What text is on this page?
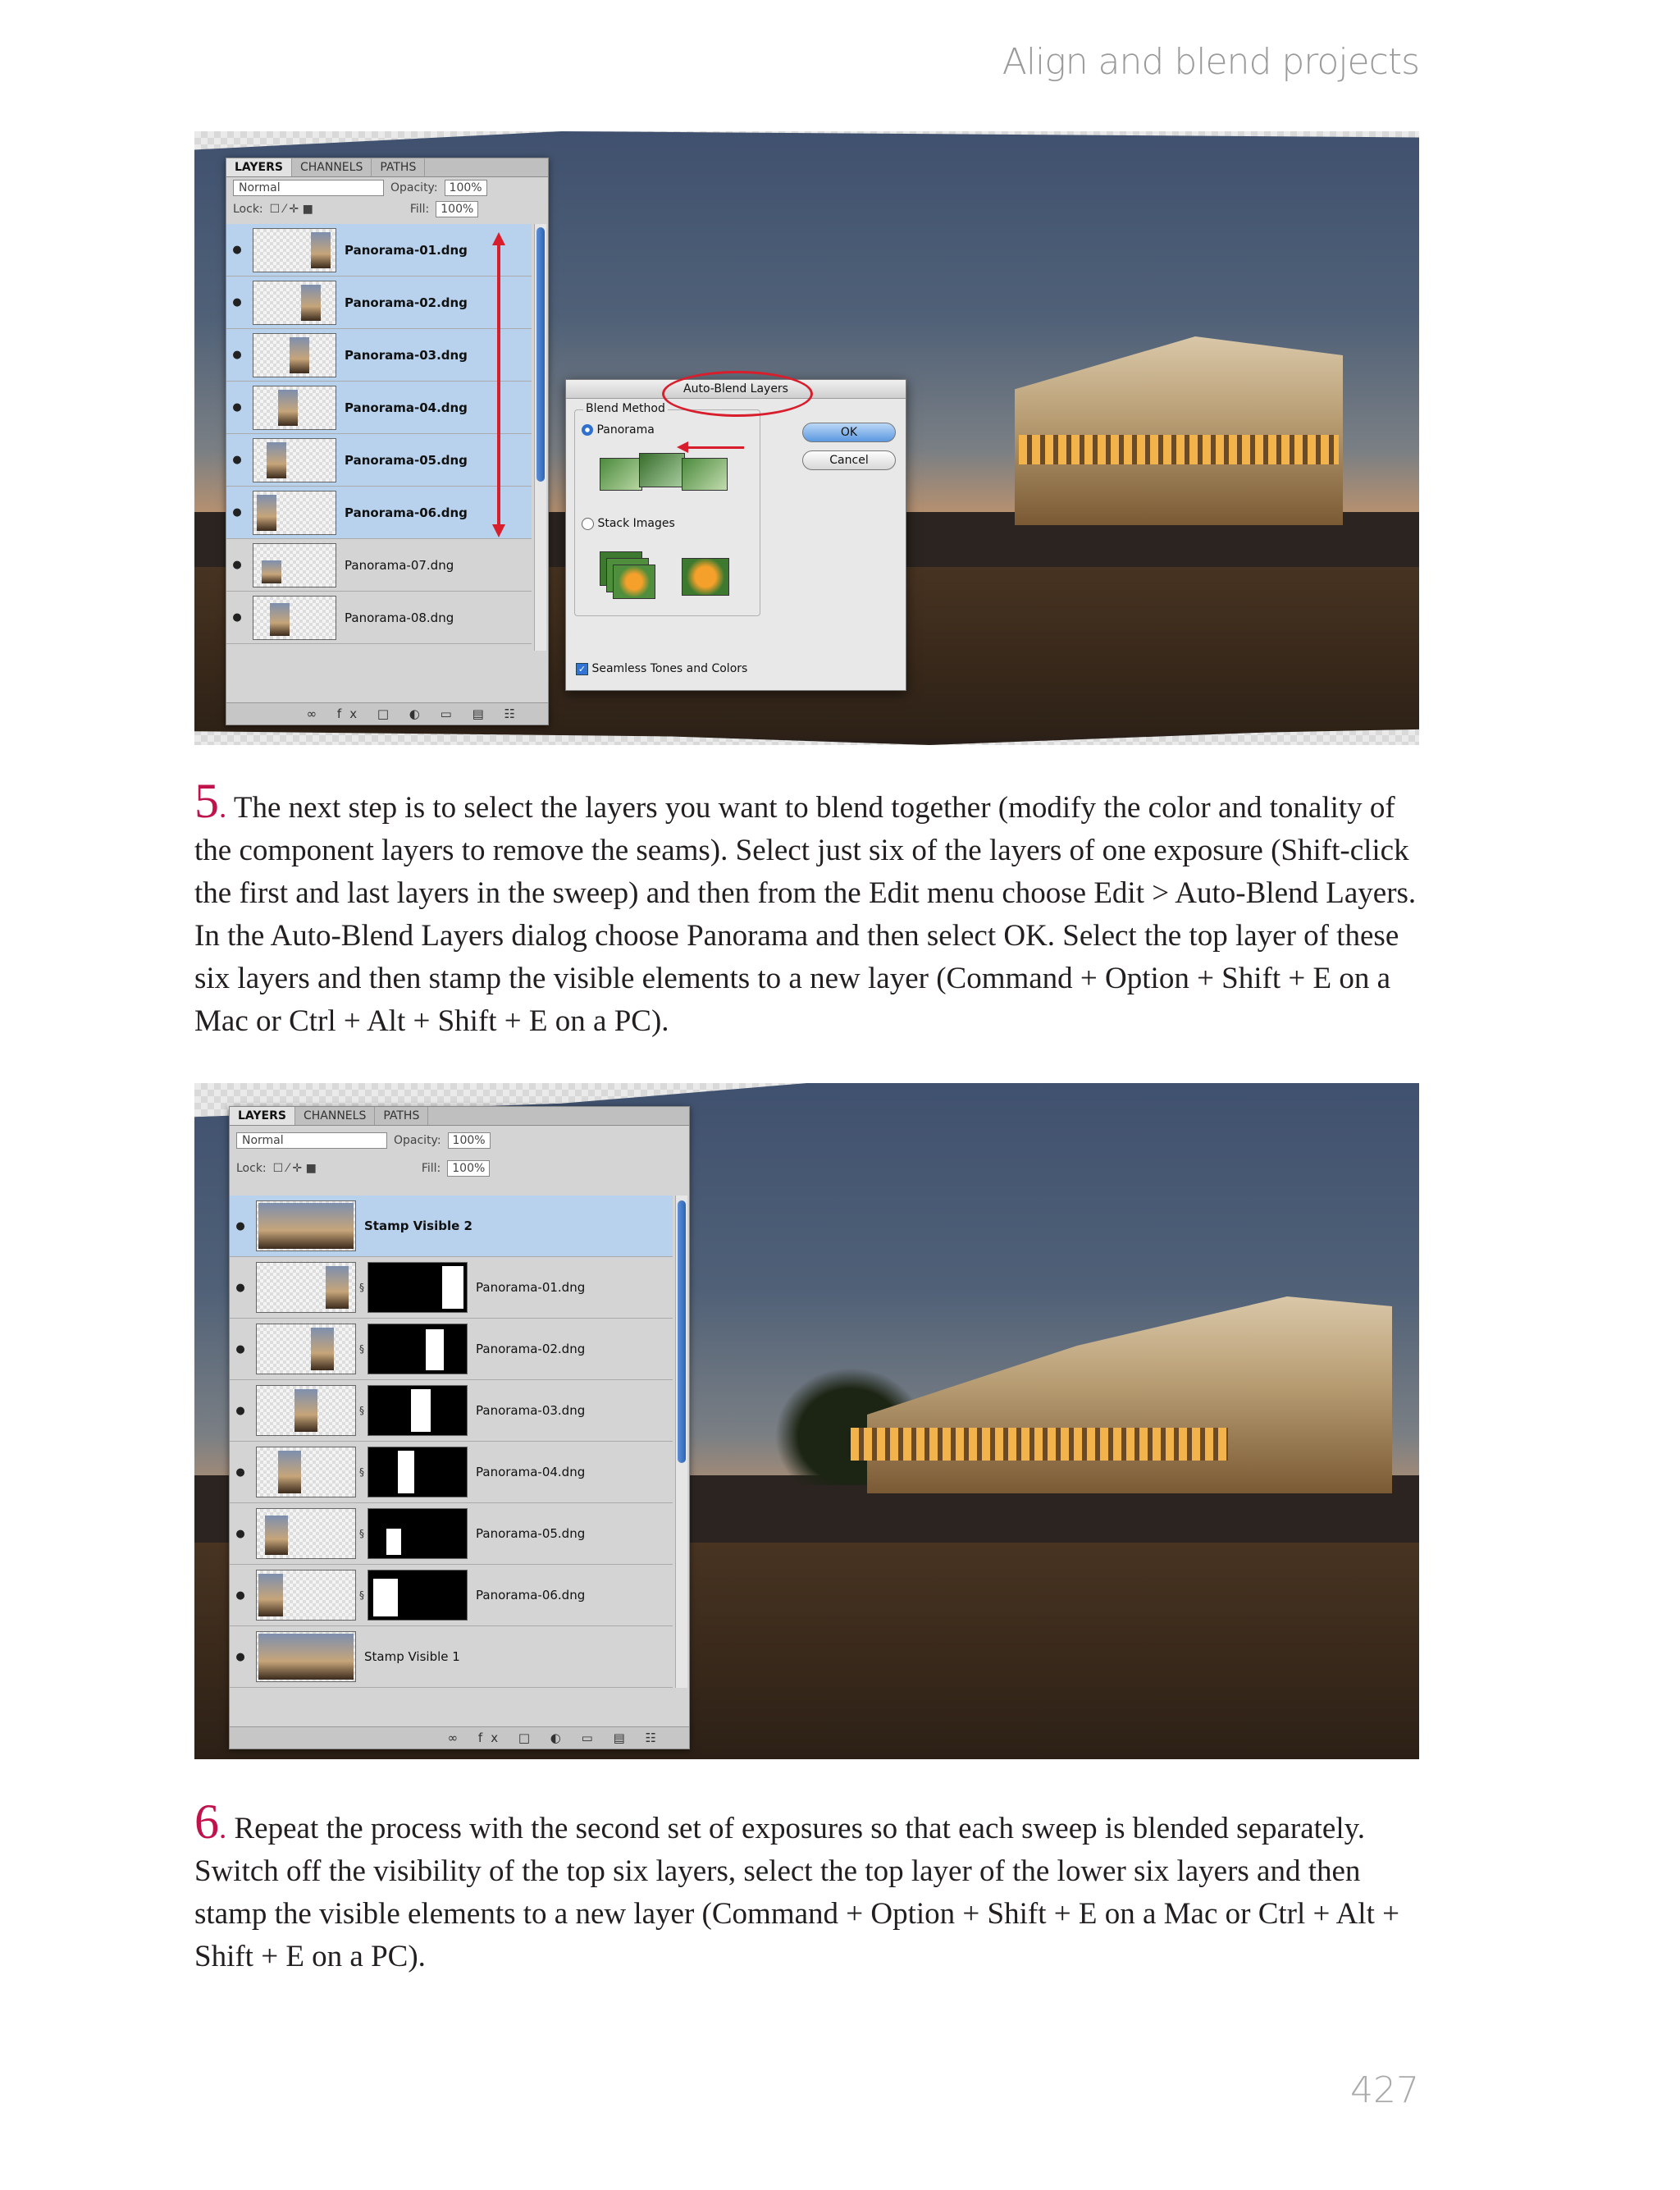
Align and blend projects
LAYERS	CHANNELS	PATHS
Normal	Opacity:	100%
Lock: ☐ ⁄ ✛ ■	Fill:	100%
●	Panorama-01.dng
●	Panorama-02.dng
●	Panorama-03.dng
●	Panorama-04.dng
●	Panorama-05.dng
●	Panorama-06.dng
●	Panorama-07.dng
●	Panorama-08.dng
∞ fx □ ◐ ▭ ▤ ☷
Auto-Blend Layers
Blend Method
Panorama
Stack Images
OK
Cancel
✓ Seamless Tones and Colors
5. The next step is to select the layers you want to blend together (modify the color and tonality of the component layers to remove the seams). Select just six of the layers of one exposure (Shift-click the first and last layers in the sweep) and then from the Edit menu choose Edit > Auto-Blend Layers. In the Auto-Blend Layers dialog choose Panorama and then select OK. Select the top layer of these six layers and then stamp the visible elements to a new layer (Command + Option + Shift + E on a Mac or Ctrl + Alt + Shift + E on a PC).
LAYERS	CHANNELS	PATHS
Normal	Opacity:	100%
Lock: ☐ ⁄ ✛ ■	Fill:	100%
●	Stamp Visible 2
●	§	Panorama-01.dng
●	§	Panorama-02.dng
●	§	Panorama-03.dng
●	§	Panorama-04.dng
●	§	Panorama-05.dng
●	§	Panorama-06.dng
●	Stamp Visible 1
∞ fx □ ◐ ▭ ▤ ☷
6. Repeat the process with the second set of exposures so that each sweep is blended separately. Switch off the visibility of the top six layers, select the top layer of the lower six layers and then stamp the visible elements to a new layer (Command + Option + Shift + E on a Mac or Ctrl + Alt + Shift + E on a PC).
427
